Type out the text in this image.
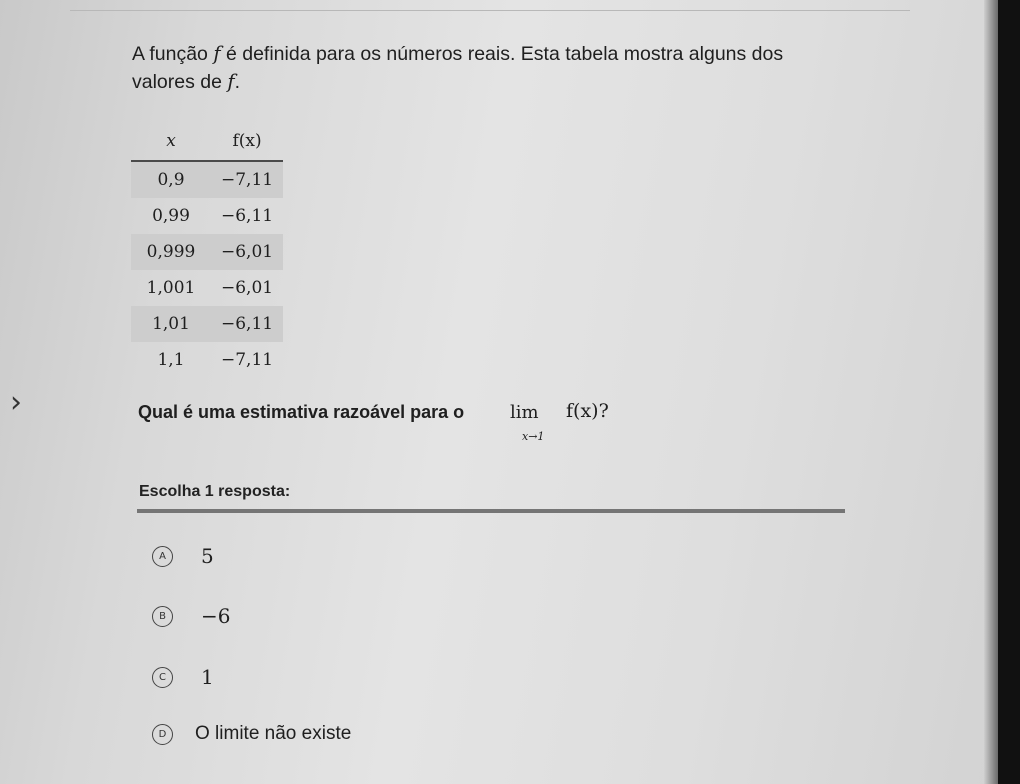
›
A função f é definida para os números reais. Esta tabela mostra alguns dos
valores de f.
x	f(x)
0,9	−7,11
0,99	−6,11
0,999	−6,01
1,001	−6,01
1,01	−6,11
1,1	−7,11
Qual é uma estimativa razoável para o	lim
x→1
f(x)?
Escolha 1 resposta:
A	5
B	−6
C	1
D	O limite não existe
